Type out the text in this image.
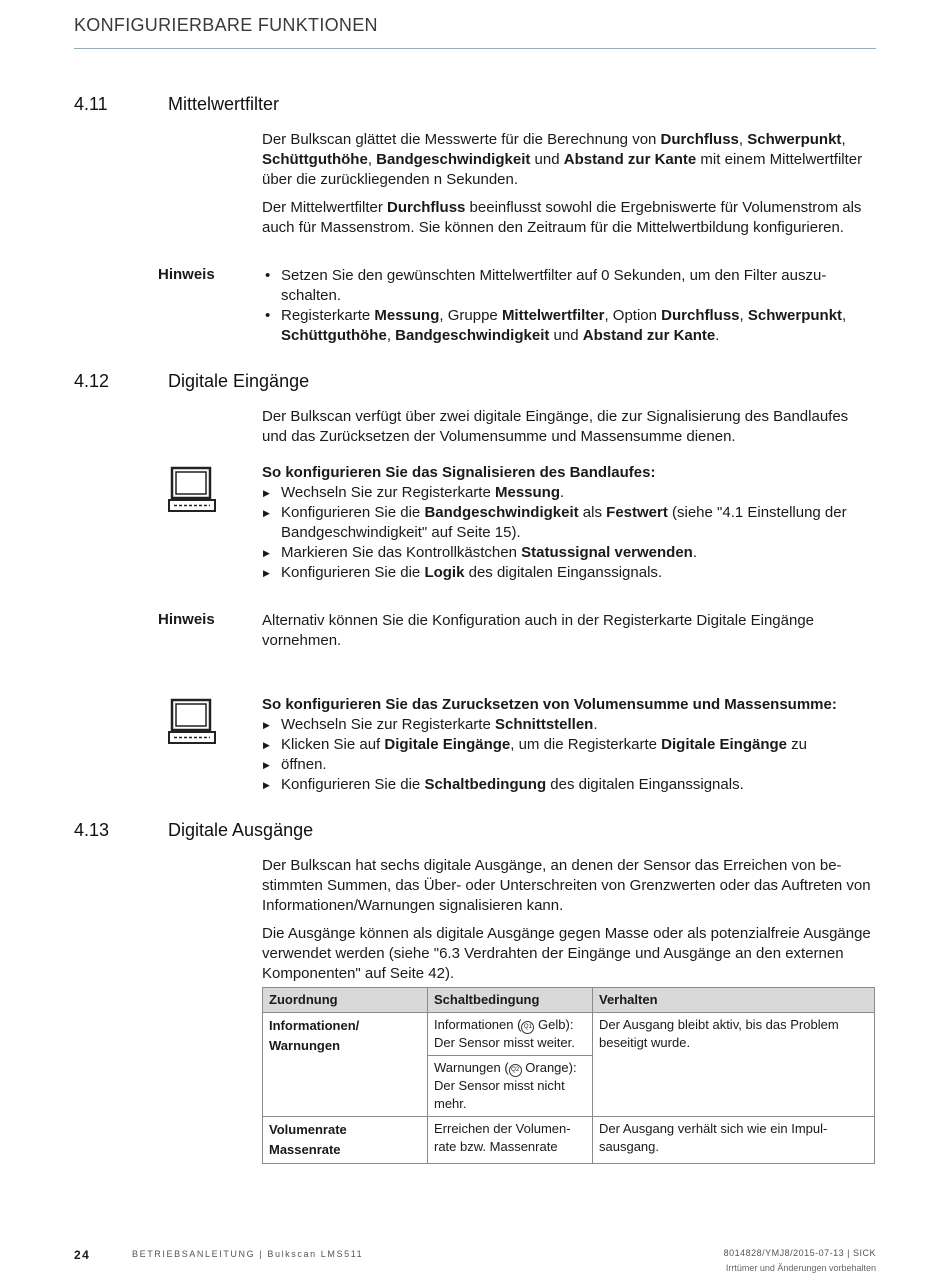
KONFIGURIERBARE FUNKTIONEN
4.11	Mittelwertfilter

Der Bulkscan glättet die Messwerte für die Berechnung von Durchfluss, Schwerpunkt, Schüttguthöhe, Bandgeschwindigkeit und Abstand zur Kante mit einem Mittelwertfilter über die zurückliegenden n Sekunden.

Der Mittelwertfilter Durchfluss beeinflusst sowohl die Ergebniswerte für Volumenstrom als auch für Massenstrom. Sie können den Zeitraum für die Mittelwertbildung konfigurieren.

Hinweis	• Setzen Sie den gewünschten Mittelwertfilter auf 0 Sekunden, um den Filter auszuschalten.
• Registerkarte Messung, Gruppe Mittelwertfilter, Option Durchfluss, Schwerpunkt, Schüttguthöhe, Bandgeschwindigkeit und Abstand zur Kante.
4.12	Digitale Eingänge

Der Bulkscan verfügt über zwei digitale Eingänge, die zur Signalisierung des Bandlaufes und das Zurücksetzen der Volumensumme und Massensumme dienen.

So konfigurieren Sie das Signalisieren des Bandlaufes:
▶ Wechseln Sie zur Registerkarte Messung.
▶ Konfigurieren Sie die Bandgeschwindigkeit als Festwert (siehe "4.1 Einstellung der Bandgeschwindigkeit" auf Seite 15).
▶ Markieren Sie das Kontrollkästchen Statussignal verwenden.
▶ Konfigurieren Sie die Logik des digitalen Einganssignals.
Hinweis	Alternativ können Sie die Konfiguration auch in der Registerkarte Digitale Eingänge vornehmen.
So konfigurieren Sie das Zurucksetzen von Volumensumme und Massensumme:
▶ Wechseln Sie zur Registerkarte Schnittstellen.
▶ Klicken Sie auf Digitale Eingänge, um die Registerkarte Digitale Eingänge zu
▶ öffnen.
▶ Konfigurieren Sie die Schaltbedingung des digitalen Einganssignals.
4.13	Digitale Ausgänge

Der Bulkscan hat sechs digitale Ausgänge, an denen der Sensor das Erreichen von bestimmten Summen, das Über- oder Unterschreiten von Grenzwerten oder das Auftreten von Informationen/Warnungen signalisieren kann.

Die Ausgänge können als digitale Ausgänge gegen Masse oder als potenzialfreie Ausgänge verwendet werden (siehe "6.3 Verdrahten der Eingänge und Ausgänge an den externen Komponenten" auf Seite 42).

Zuordnung	Schaltbedingung	Verhalten
Informationen/ Warnungen	Informationen ( Q1 Gelb): Der Sensor misst weiter.	Der Ausgang bleibt aktiv, bis das Problem beseitigt wurde.
	Warnungen ( Q2 Orange): Der Sensor misst nicht mehr.	

Volumenrate
Massenrate	Erreichen der Volumenrate bzw. Massenrate	Der Ausgang verhält sich wie ein Impulsausgang.
24	BETRIEBSANLEITUNG | Bulkscan LMS511	8014828/YMJ8/2015-07-13 | SICK
Irrtümer und Änderungen vorbehalten
